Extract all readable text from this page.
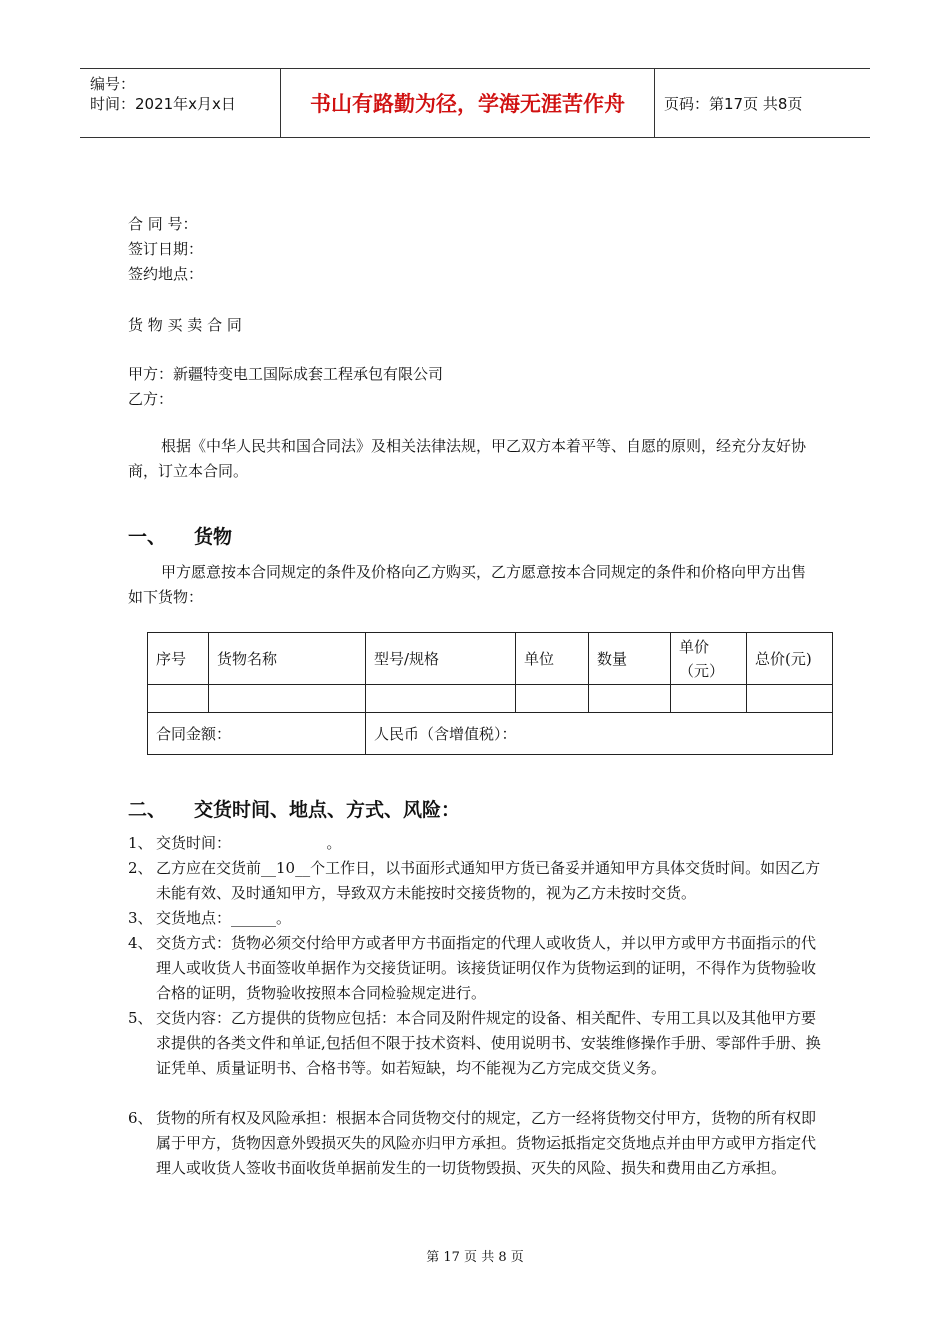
编号：
时间：2021年x月x日	书山有路勤为径，学海无涯苦作舟	页码：第17页 共8页
合 同 号：
签订日期：
签约地点：
货 物 买 卖 合 同
甲方：新疆特变电工国际成套工程承包有限公司
乙方：
根据《中华人民共和国合同法》及相关法律法规，甲乙双方本着平等、自愿的原则，经充分友好协商，订立本合同。
一、 货物
甲方愿意按本合同规定的条件及价格向乙方购买，乙方愿意按本合同规定的条件和价格向甲方出售如下货物：
序号	货物名称	型号/规格	单位	数量	单价（元）	总价(元)

合同金额：		人民币（含增值税）：				
二、 交货时间、地点、方式、风险：
1、 交货时间：                    。
2、 乙方应在交货前__10__个工作日，以书面形式通知甲方货已备妥并通知甲方具体交货时间。如因乙方未能有效、及时通知甲方，导致双方未能按时交接货物的，视为乙方未按时交货。
3、 交货地点：______。
4、 交货方式：货物必须交付给甲方或者甲方书面指定的代理人或收货人，并以甲方或甲方书面指示的代理人或收货人书面签收单据作为交接货证明。该接货证明仅作为货物运到的证明，不得作为货物验收合格的证明，货物验收按照本合同检验规定进行。
5、 交货内容：乙方提供的货物应包括：本合同及附件规定的设备、相关配件、专用工具以及其他甲方要求提供的各类文件和单证,包括但不限于技术资料、使用说明书、安装维修操作手册、零部件手册、换证凭单、质量证明书、合格书等。如若短缺，均不能视为乙方完成交货义务。
6、 货物的所有权及风险承担：根据本合同货物交付的规定，乙方一经将货物交付甲方，货物的所有权即属于甲方，货物因意外毁损灭失的风险亦归甲方承担。货物运抵指定交货地点并由甲方或甲方指定代理人或收货人签收书面收货单据前发生的一切货物毁损、灭失的风险、损失和费用由乙方承担。
第 17 页 共 8 页
